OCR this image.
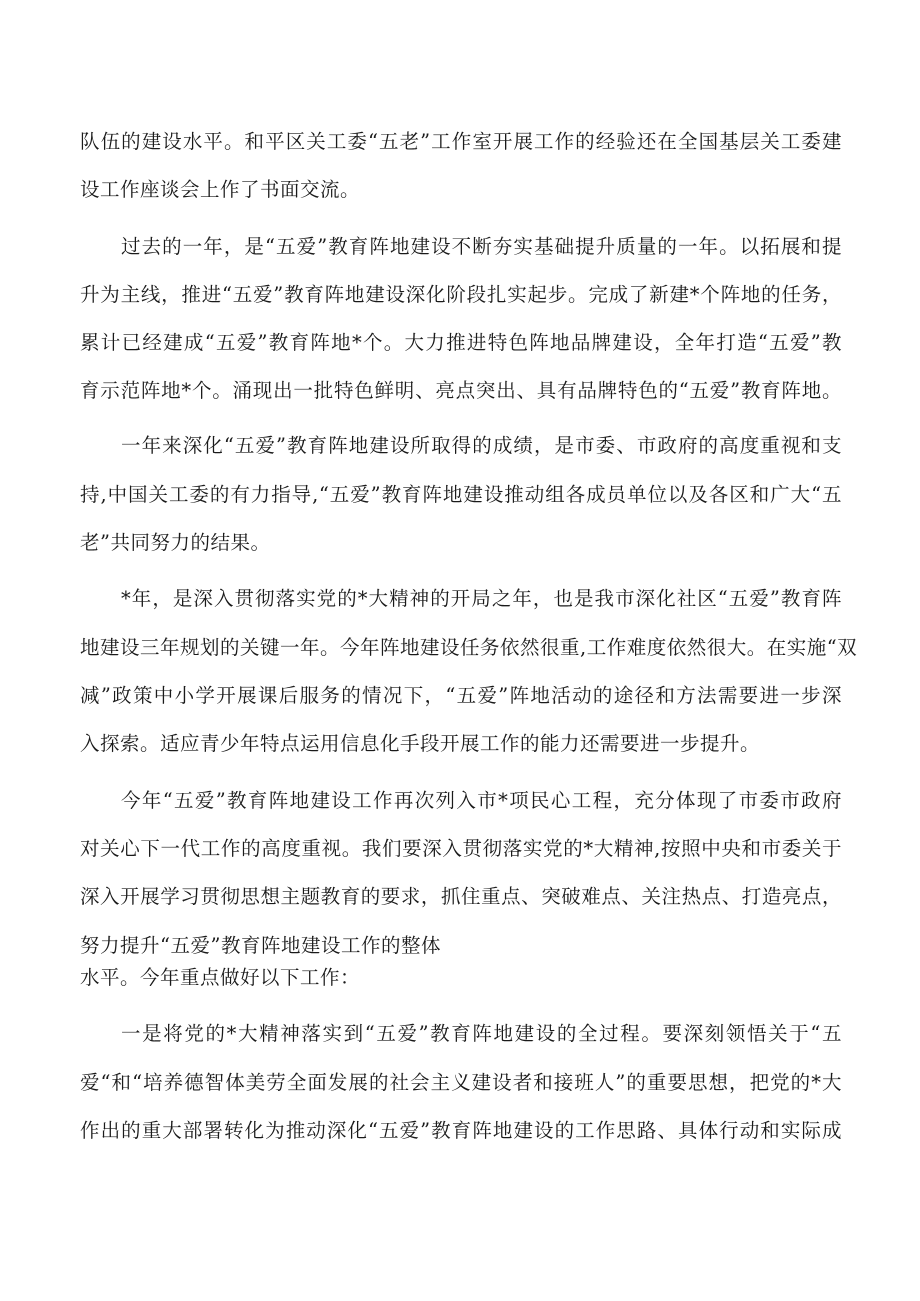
队伍的建设水平。和平区关工委“五老”工作室开展工作的经验还在全国基层关工委建
设工作座谈会上作了书面交流。
过去的一年，是“五爱”教育阵地建设不断夯实基础提升质量的一年。以拓展和提
升为主线，推进“五爱”教育阵地建设深化阶段扎实起步。完成了新建*个阵地的任务，
累计已经建成“五爱”教育阵地*个。大力推进特色阵地品牌建设，全年打造“五爱”教
育示范阵地*个。涌现出一批特色鲜明、亮点突出、具有品牌特色的“五爱”教育阵地。
一年来深化“五爱”教育阵地建设所取得的成绩，是市委、市政府的高度重视和支
持,中国关工委的有力指导,“五爱”教育阵地建设推动组各成员单位以及各区和广大“五
老”共同努力的结果。
*年，是深入贯彻落实党的*大精神的开局之年，也是我市深化社区“五爱”教育阵
地建设三年规划的关键一年。今年阵地建设任务依然很重,工作难度依然很大。在实施“双
减”政策中小学开展课后服务的情况下，“五爱”阵地活动的途径和方法需要进一步深
入探索。适应青少年特点运用信息化手段开展工作的能力还需要进一步提升。
今年“五爱”教育阵地建设工作再次列入市*项民心工程，充分体现了市委市政府
对关心下一代工作的高度重视。我们要深入贯彻落实党的*大精神,按照中央和市委关于
深入开展学习贯彻思想主题教育的要求，抓住重点、突破难点、关注热点、打造亮点，
努力提升“五爱”教育阵地建设工作的整体
水平。今年重点做好以下工作：
一是将党的*大精神落实到“五爱”教育阵地建设的全过程。要深刻领悟关于“五
爱“和“培养德智体美劳全面发展的社会主义建设者和接班人”的重要思想，把党的*大
作出的重大部署转化为推动深化“五爱”教育阵地建设的工作思路、具体行动和实际成
